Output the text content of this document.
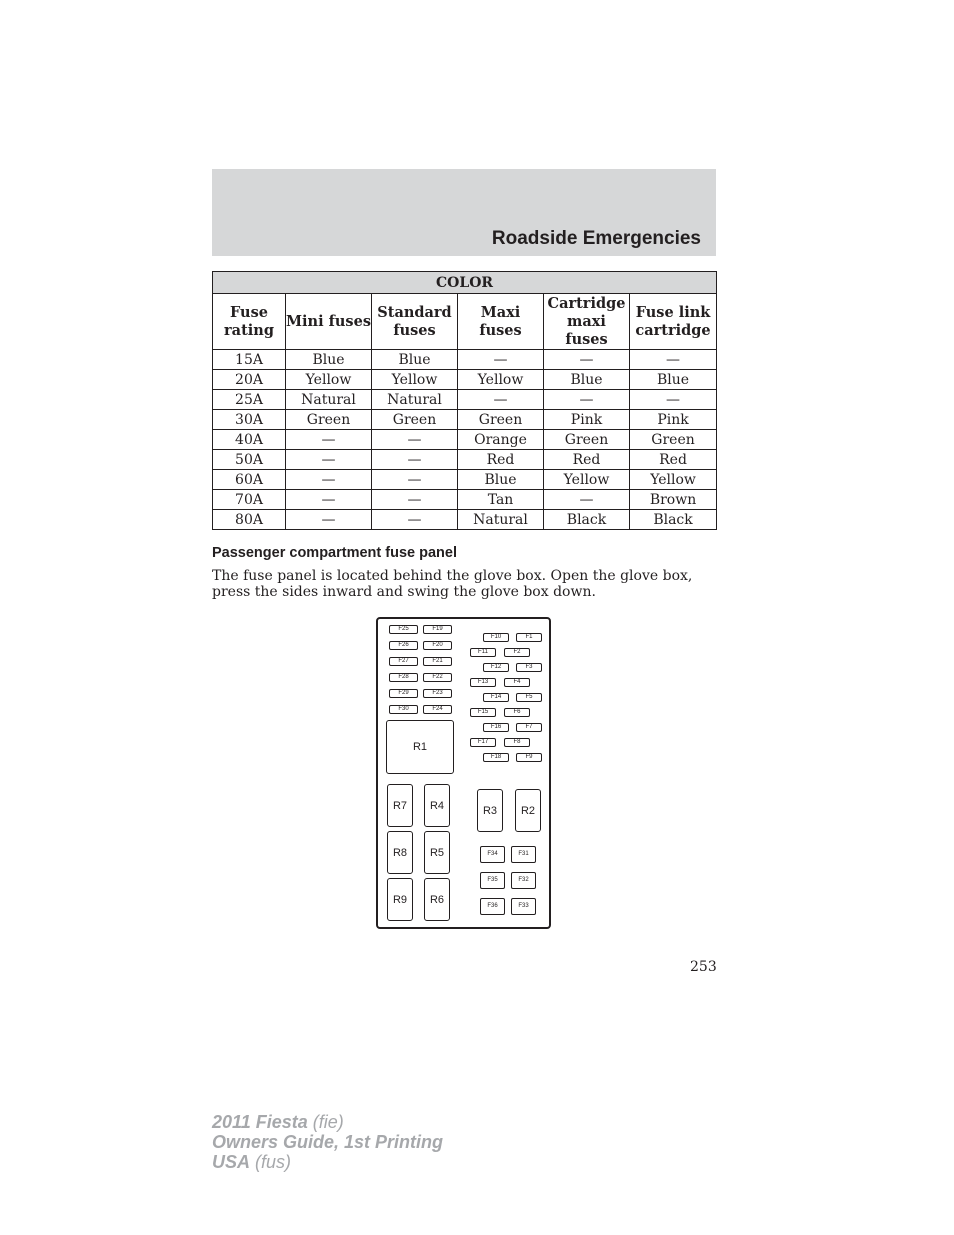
Roadside Emergencies
COLOR					
Fuse rating	Mini fuses	Standard fuses	Maxi fuses	Cartridge maxi fuses	Fuse link cartridge
15A	Blue	Blue	—	—	—
20A	Yellow	Yellow	Yellow	Blue	Blue
25A	Natural	Natural	—	—	—
30A	Green	Green	Green	Pink	Pink
40A	—	—	Orange	Green	Green
50A	—	—	Red	Red	Red
60A	—	—	Blue	Yellow	Yellow
70A	—	—	Tan	—	Brown
80A	—	—	Natural	Black	Black
Passenger compartment fuse panel
The fuse panel is located behind the glove box. Open the glove box, press the sides inward and swing the glove box down.
F25	F19
F26	F20
F27	F21
F28	F22
F29	F23
F30	F24
F10	F1
F11	F2
F12	F3
F13	F4
F14	F5
F15	F6
F16	F7
F17	F8
F18	F9
F34	F31
F35	F32
F36	F33
R1
R7	R4
R8	R5
R9	R6
R3	R2
253
2011 Fiesta (fie)
Owners Guide, 1st Printing
USA (fus)
